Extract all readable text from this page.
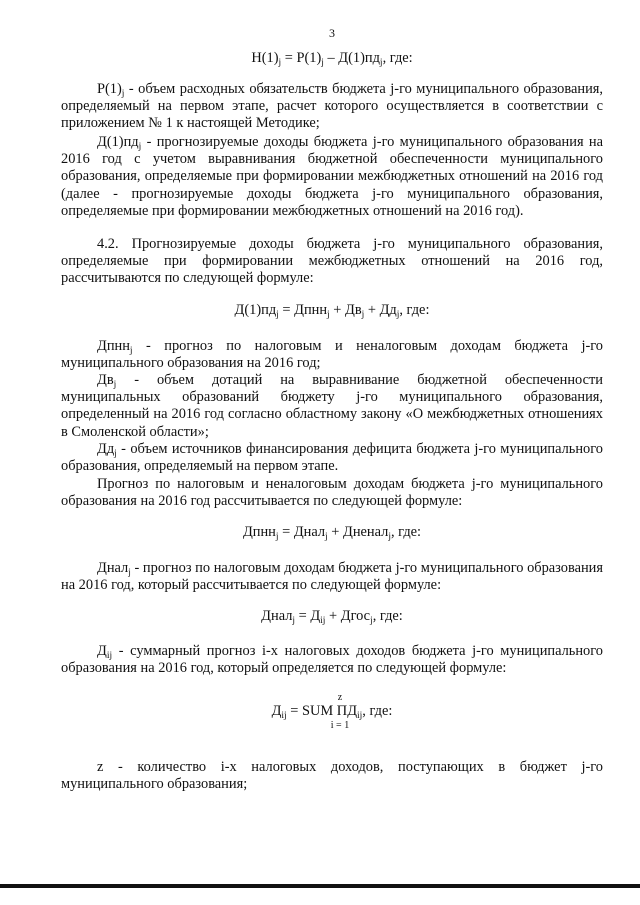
3
$Н(1)_j = Р(1)_j - Д(1)пд_j$, где:

$Р(1)_j$ - объем расходных обязательств бюджета j-го муниципального образования, определяемый на первом этапе, расчет которого осуществляется в соответствии с приложением № 1 к настоящей Методике;

$Д(1)пд_j$ - прогнозируемые доходы бюджета j-го муниципального образования на 2016 год с учетом выравнивания бюджетной обеспеченности муниципального образования, определяемые при формировании межбюджетных отношений на 2016 год (далее - прогнозируемые доходы бюджета j-го муниципального образования, определяемые при формировании межбюджетных отношений на 2016 год).

4.2. Прогнозируемые доходы бюджета j-го муниципального образования, определяемые при формировании межбюджетных отношений на 2016 год, рассчитываются по следующей формуле:

$Д(1)пд_j$ = Дпнн$_j$ + $Дв_j + Дд_j$, где:

Дпнн$_j$ - прогноз по налоговым и неналоговым доходам бюджета j-го муниципального образования на 2016 год;

$Дв_j$ - объем дотаций на выравнивание бюджетной обеспеченности муниципальных образований бюджету j-го муниципального образования, определенный на 2016 год согласно областному закону «О межбюджетных отношениях в Смоленской области»;

$Дд_j$ - объем источников финансирования дефицита бюджета j-го муниципального образования, определяемый на первом этапе.

Прогноз по налоговым и неналоговым доходам бюджета j-го муниципального образования на 2016 год рассчитывается по следующей формуле:

Дпнн$_j$ = Днал$_j$ + Дненал$_j$, где:

Днал$_j$ - прогноз по налоговым доходам бюджета j-го муниципального образования на 2016 год, который рассчитывается по следующей формуле:

Днал$_j$ = $Д_{ij}$ + Дгос$_j$, где:

$Д_{ij}$ - суммарный прогноз i-х налоговых доходов бюджета j-го муниципального образования на 2016 год, который определяется по следующей формуле:

z
$Д_{ij}$ = SUM $ПД_{ij}$, где:
i = 1

z - количество i-х налоговых доходов, поступающих в бюджет j-го муниципального образования;
